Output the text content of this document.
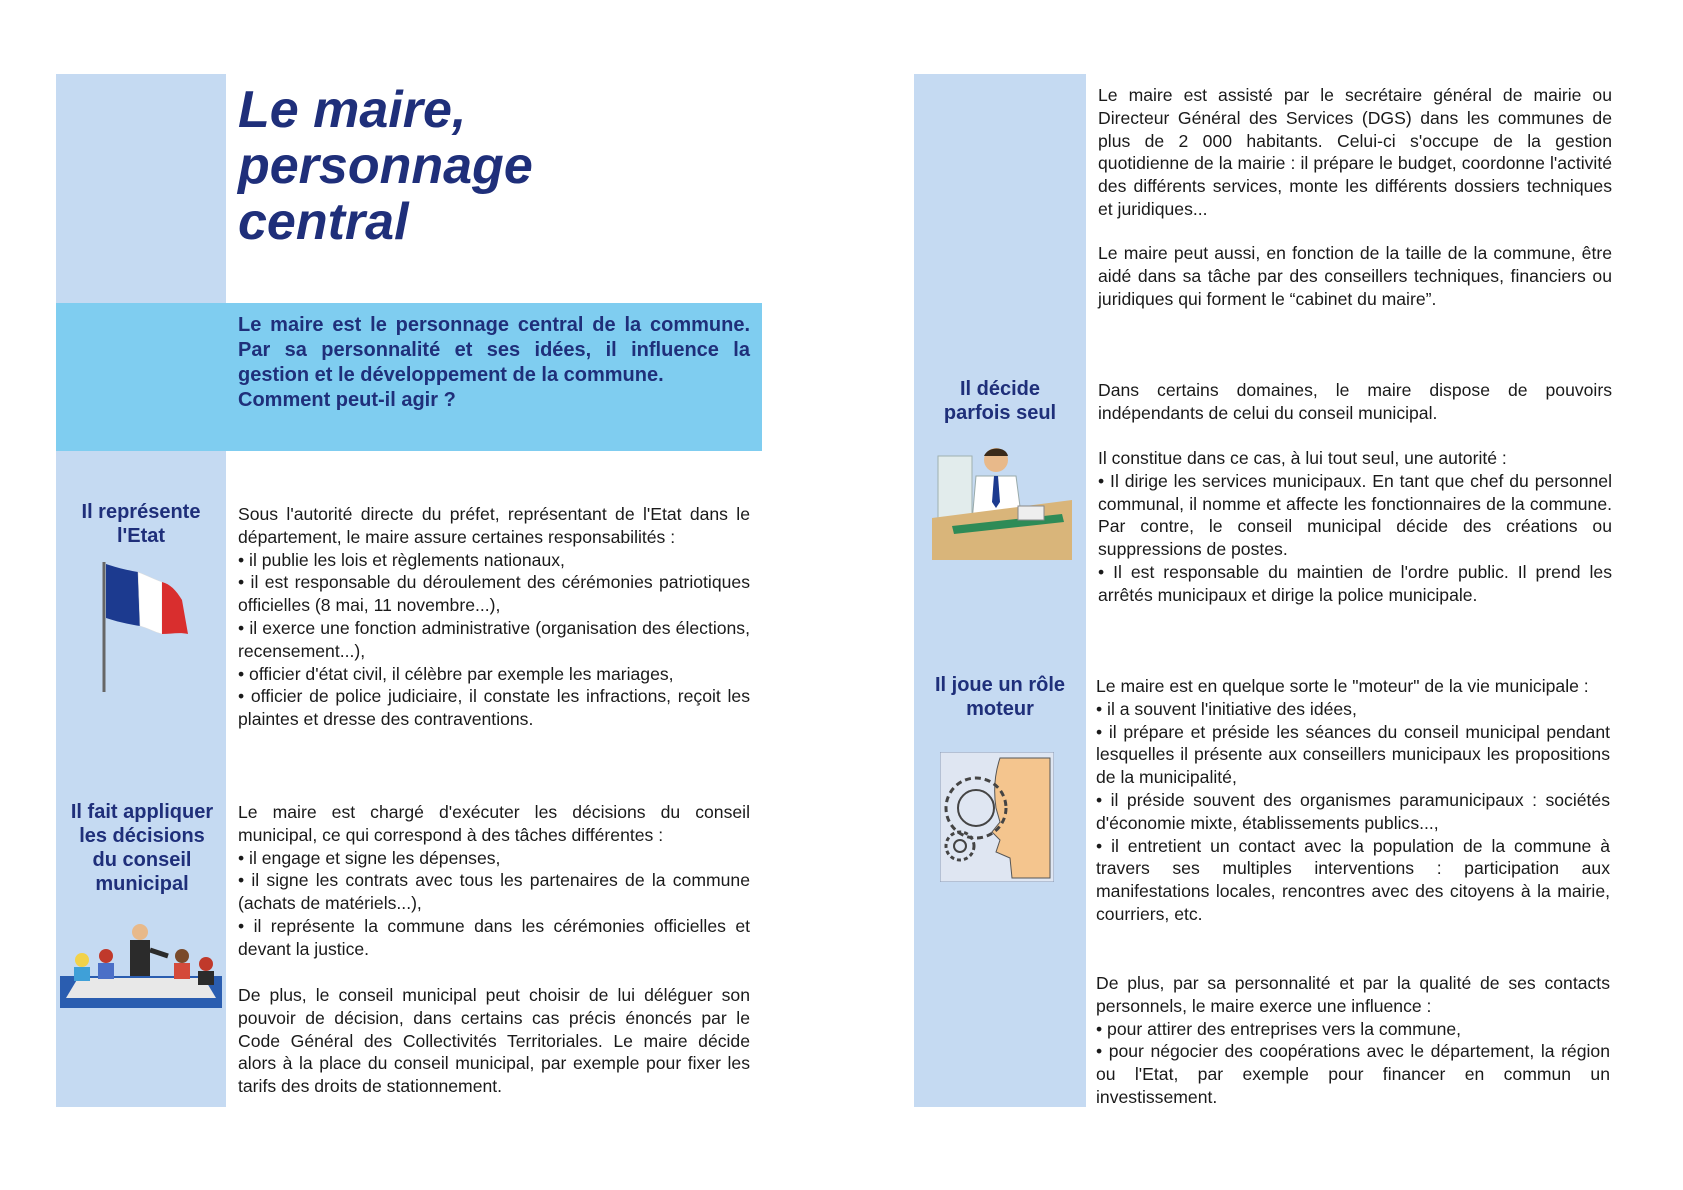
Le maire,
personnage
central

Le maire est le personnage central de la commune. Par sa personnalité et ses idées, il influence la gestion et le développement de la commune.
Comment peut-il agir ?

Il représente
l'Etat

Sous l'autorité directe du préfet, représentant de l'Etat dans le département, le maire assure certaines responsabilités :
• il publie les lois et règlements nationaux,
• il est responsable du déroulement des cérémonies patriotiques officielles (8 mai, 11 novembre...),
• il exerce une fonction administrative (organisation des élections, recensement...),
• officier d'état civil, il célèbre par exemple les mariages,
• officier de police judiciaire, il constate les infractions, reçoit les plaintes et dresse des contraventions.

Il fait appliquer
les décisions
du conseil
municipal

Le maire est chargé d'exécuter les décisions du conseil municipal, ce qui correspond à des tâches différentes :
• il engage et signe les dépenses,
• il signe les contrats avec tous les partenaires de la commune (achats de matériels...),
• il représente la commune dans les cérémonies officielles et devant la justice.

De plus, le conseil municipal peut choisir de lui déléguer son pouvoir de décision, dans certains cas précis énoncés par le Code Général des Collectivités Territoriales. Le maire décide alors à la place du conseil municipal, par exemple pour fixer les tarifs des droits de stationnement.

Le maire est assisté par le secrétaire général de mairie ou Directeur Général des Services (DGS) dans les communes de plus de 2 000 habitants. Celui-ci s'occupe de la gestion quotidienne de la mairie : il prépare le budget, coordonne l'activité des différents services, monte les différents dossiers techniques et juridiques...

Le maire peut aussi, en fonction de la taille de la commune, être aidé dans sa tâche par des conseillers techniques, financiers ou juridiques qui forment le “cabinet du maire”.

Il décide
parfois seul

Dans certains domaines, le maire dispose de pouvoirs indépendants de celui du conseil municipal.

Il constitue dans ce cas, à lui tout seul, une autorité :
• Il dirige les services municipaux. En tant que chef du personnel communal, il nomme et affecte les fonctionnaires de la commune. Par contre, le conseil municipal décide des créations ou suppressions de postes.
• Il est responsable du maintien de l'ordre public. Il prend les arrêtés municipaux et dirige la police municipale.

Il joue un rôle
moteur

Le maire est en quelque sorte le "moteur" de la vie municipale :
• il a souvent l'initiative des idées,
• il prépare et préside les séances du conseil municipal pendant lesquelles il présente aux conseillers municipaux les propositions de la municipalité,
• il préside souvent des organismes paramunicipaux : sociétés d'économie mixte, établissements publics...,
• il entretient un contact avec la population de la commune à travers ses multiples interventions : participation aux manifestations locales, rencontres avec des citoyens à la mairie, courriers, etc.

De plus, par sa personnalité et par la qualité de ses contacts personnels, le maire exerce une influence :
• pour attirer des entreprises vers la commune,
• pour négocier des coopérations avec le département, la région ou l'Etat, par exemple pour financer en commun un investissement.
